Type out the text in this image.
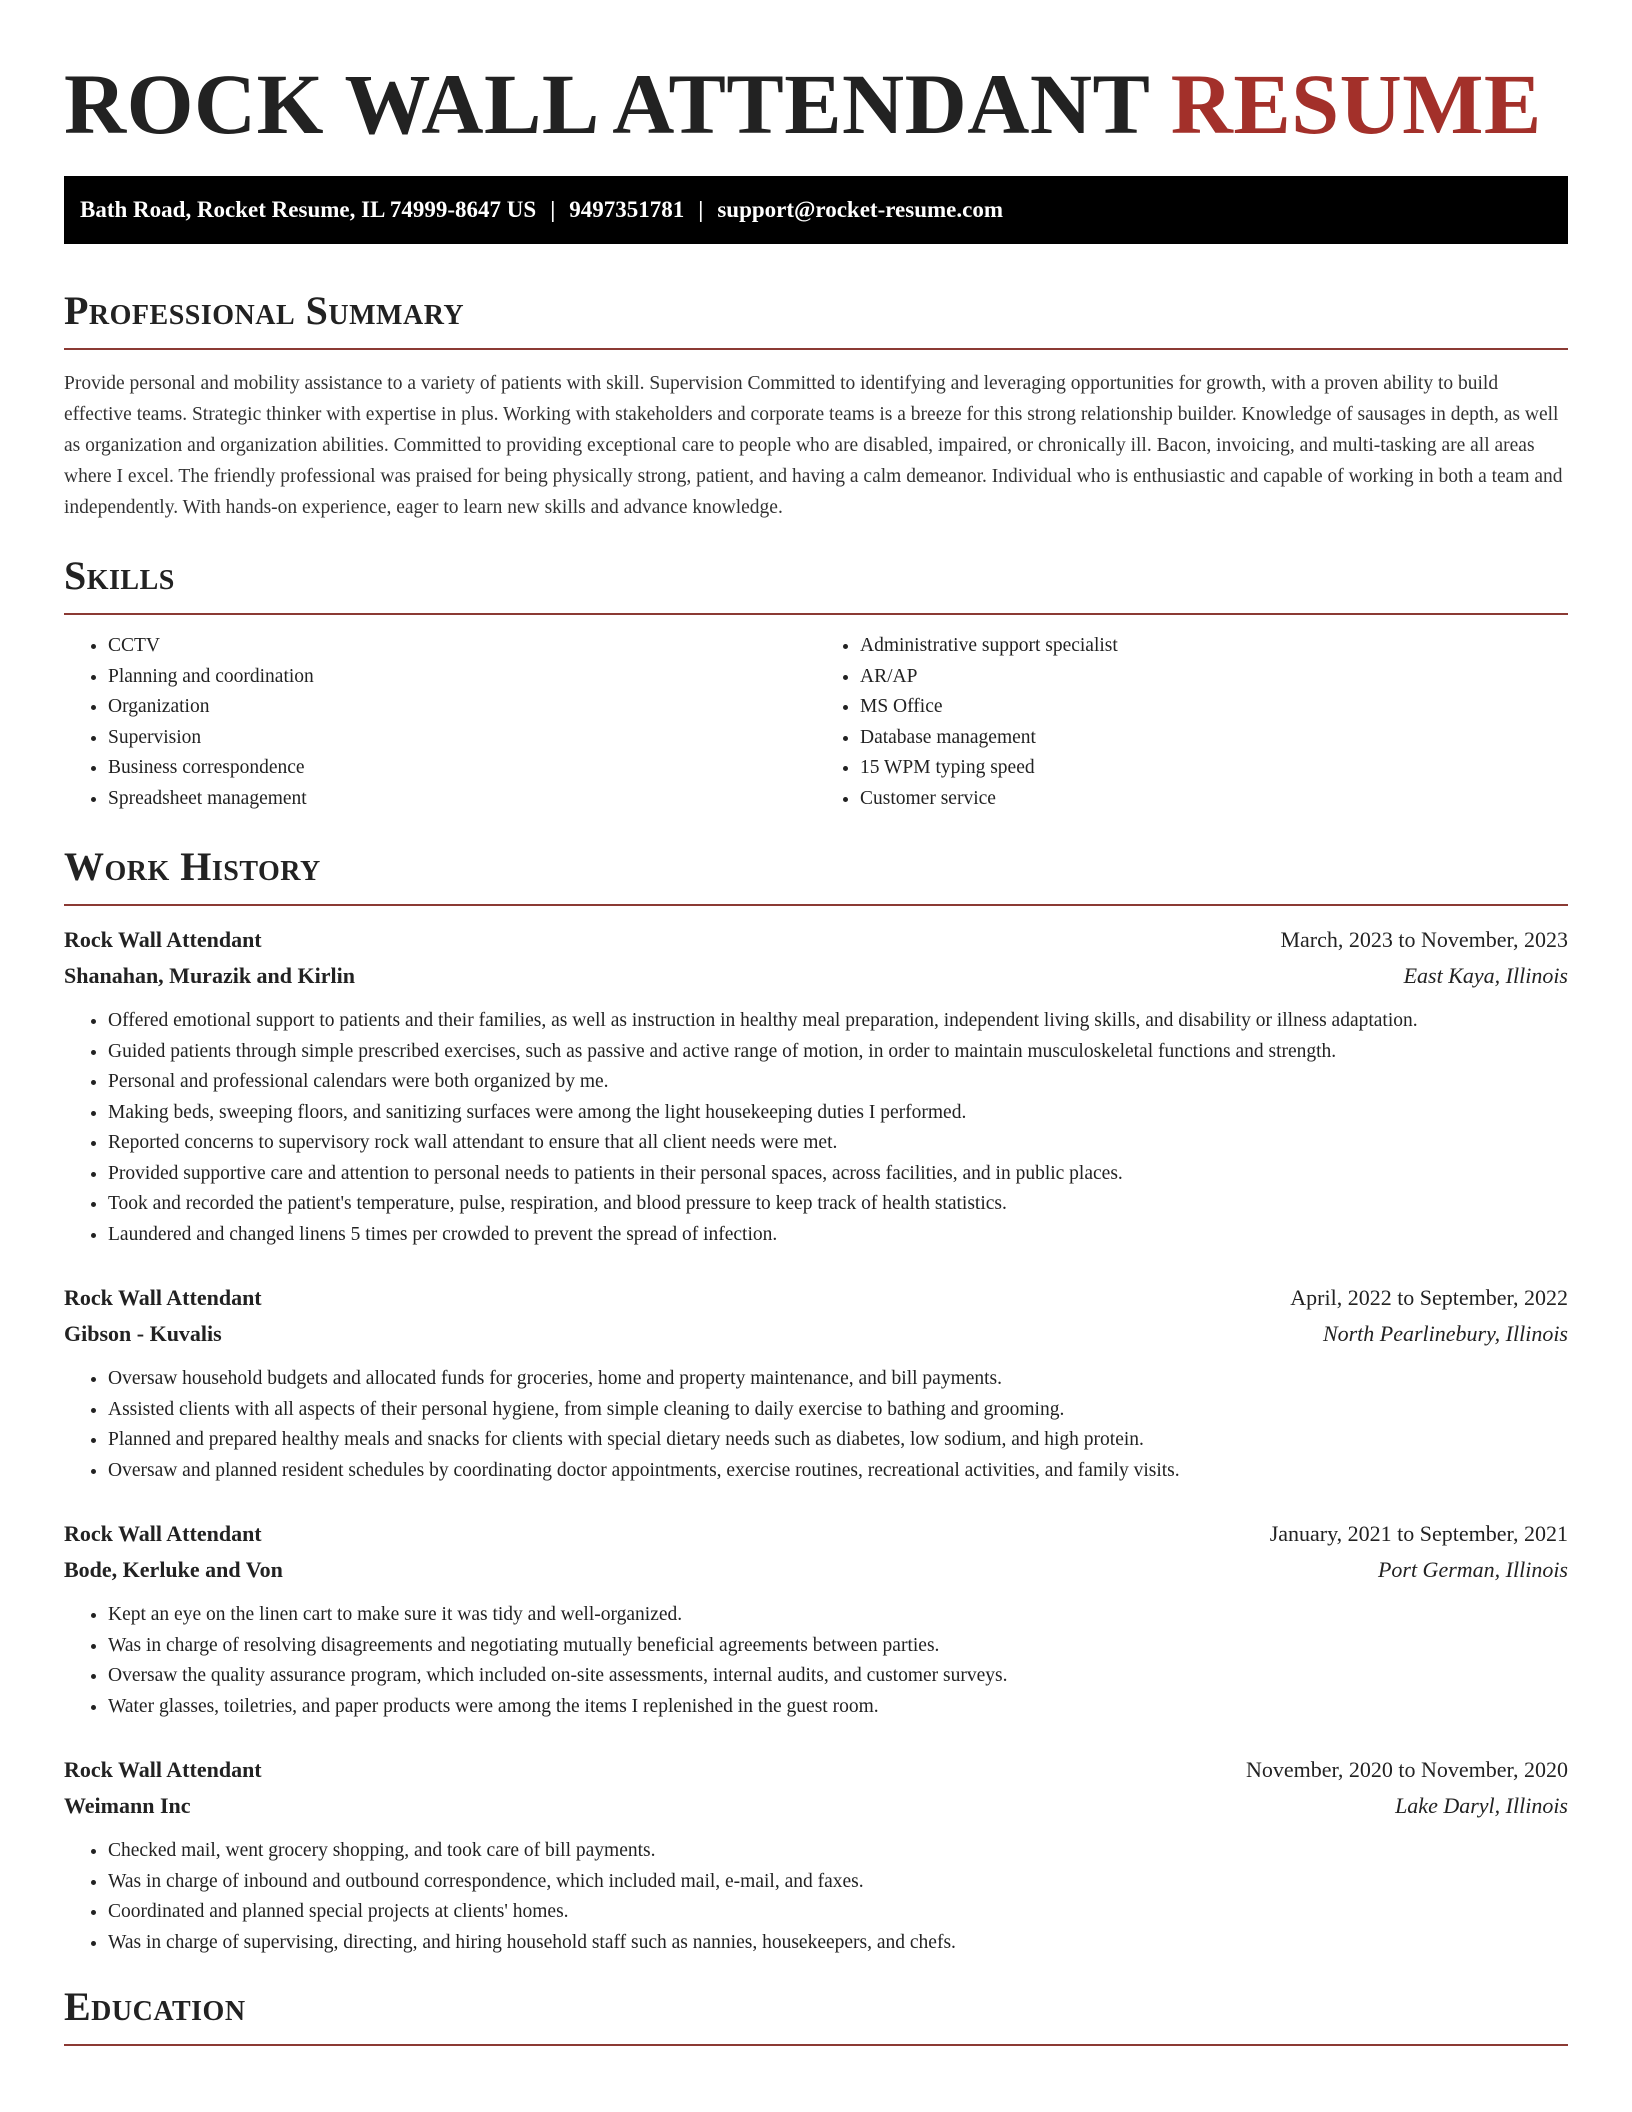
ROCK WALL ATTENDANT RESUME
Bath Road, Rocket Resume, IL 74999-8647 US | 9497351781 | support@rocket-resume.com
Professional Summary

Provide personal and mobility assistance to a variety of patients with skill. Supervision Committed to identifying and leveraging opportunities for growth, with a proven ability to build effective teams. Strategic thinker with expertise in plus. Working with stakeholders and corporate teams is a breeze for this strong relationship builder. Knowledge of sausages in depth, as well as organization and organization abilities. Committed to providing exceptional care to people who are disabled, impaired, or chronically ill. Bacon, invoicing, and multi-tasking are all areas where I excel. The friendly professional was praised for being physically strong, patient, and having a calm demeanor. Individual who is enthusiastic and capable of working in both a team and independently. With hands-on experience, eager to learn new skills and advance knowledge.

Skills
• CCTV
• Planning and coordination
• Organization
• Supervision
• Business correspondence
• Spreadsheet management
• Administrative support specialist
• AR/AP
• MS Office
• Database management
• 15 WPM typing speed
• Customer service
Work History
Rock Wall Attendant	March, 2023 to November, 2023
Shanahan, Murazik and Kirlin	East Kaya, Illinois
• Offered emotional support to patients and their families, as well as instruction in healthy meal preparation, independent living skills, and disability or illness adaptation.
• Guided patients through simple prescribed exercises, such as passive and active range of motion, in order to maintain musculoskeletal functions and strength.
• Personal and professional calendars were both organized by me.
• Making beds, sweeping floors, and sanitizing surfaces were among the light housekeeping duties I performed.
• Reported concerns to supervisory rock wall attendant to ensure that all client needs were met.
• Provided supportive care and attention to personal needs to patients in their personal spaces, across facilities, and in public places.
• Took and recorded the patient's temperature, pulse, respiration, and blood pressure to keep track of health statistics.
• Laundered and changed linens 5 times per crowded to prevent the spread of infection.
Rock Wall Attendant	April, 2022 to September, 2022
Gibson - Kuvalis	North Pearlinebury, Illinois
• Oversaw household budgets and allocated funds for groceries, home and property maintenance, and bill payments.
• Assisted clients with all aspects of their personal hygiene, from simple cleaning to daily exercise to bathing and grooming.
• Planned and prepared healthy meals and snacks for clients with special dietary needs such as diabetes, low sodium, and high protein.
• Oversaw and planned resident schedules by coordinating doctor appointments, exercise routines, recreational activities, and family visits.
Rock Wall Attendant	January, 2021 to September, 2021
Bode, Kerluke and Von	Port German, Illinois
• Kept an eye on the linen cart to make sure it was tidy and well-organized.
• Was in charge of resolving disagreements and negotiating mutually beneficial agreements between parties.
• Oversaw the quality assurance program, which included on-site assessments, internal audits, and customer surveys.
• Water glasses, toiletries, and paper products were among the items I replenished in the guest room.
Rock Wall Attendant	November, 2020 to November, 2020
Weimann Inc	Lake Daryl, Illinois
• Checked mail, went grocery shopping, and took care of bill payments.
• Was in charge of inbound and outbound correspondence, which included mail, e-mail, and faxes.
• Coordinated and planned special projects at clients' homes.
• Was in charge of supervising, directing, and hiring household staff such as nannies, housekeepers, and chefs.
Education
